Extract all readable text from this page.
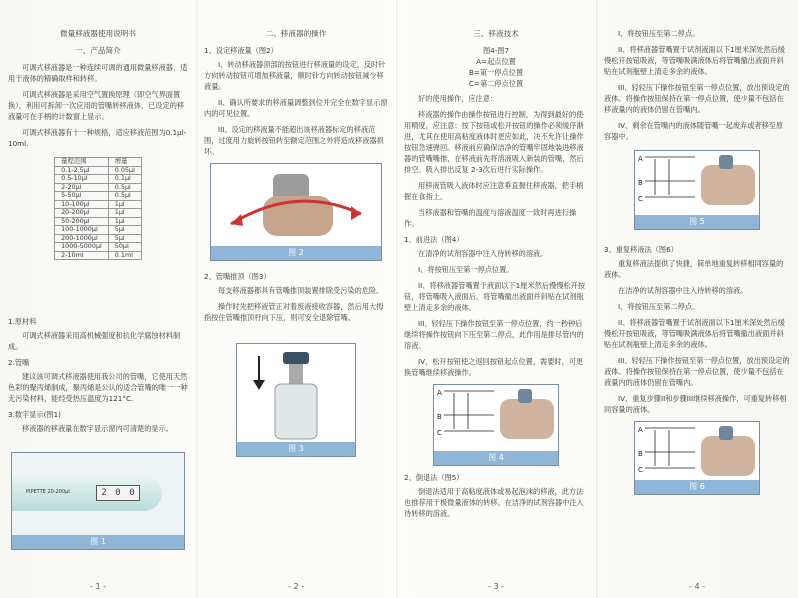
微量移液器使用说明书
一、产品简介

可调式移液器是一种连续可调的通用微量移液器，适用于液体的精确取样和转移。

可调式移液器是采用空气置换原理（即空气界面置换），利用可拆卸一次应用的管嘴转移液体，已设定的移液量可在手柄的计数窗上显示。

可调式移液器有十一种规格，适应移液范围为0.1μl-10ml.

量程范围	增量
0.1-2.5μl	0.05μl
0.5-10μl	0.1μl
2-20μl	0.5μl
5-50μl	0.5μl
10-100μl	1μl
20-200μl	1μl
50-200μl	1μl
100-1000μl	5μl
200-1000μl	5μl
1000-5000μl	50μl
2-10ml	0.1ml
1.原材料

可调式移液器采用高机械强度和抗化学腐蚀材料制成。

2.管嘴

建议该可调式移液器使用我公司的管嘴，它使用天然色彩的聚丙烯制成，聚丙烯是公认的适合管嘴的唯一一种无污染材料，能经受热压温度为121°C.

3.数字显示(图1)

移液器的移液量在数字显示窗内可清楚的显示。

PIPETTE 20-200μl	2 0 0
图 1
- 1 -
二、移液器的操作
1、设定移液量（图2）

I、转动移液器顶部的按钮进行移液量的设定。反时针方向转动按钮可增加移液量，顺时针方向转动按钮减少移液量。

II、确认所要求的移液量调整到位并完全在数字显示窗内的可见位置。

III、设定的移液量不能超出该移液器标定的移液范围，过度用力旋转按钮转至额定范围之外将造成移液器损坏。

图 2
2、管嘴推顶（图3）

每支移液器都具有管嘴推顶装置排除受污染的危险。

操作时先把移液管正对着废液接收容器，然后用大拇指按住管嘴推顶杆向下压，则可安全退除管嘴。

图 3
- 2 -
三、移液技术
图4-图7
A=起点位置
B=第一停点位置
C=第二停点位置

好的使用操作，应注意：

移液器的操作由操作按钮进行控制，为得到最好的使用精度，应注意：按下按钮或松开按钮的操作必须缓序渐进，尤其在使用高粘度液体时更应如此，决不允许让操作按钮急速弹回。移液前应确保洁净的管嘴牢固地装进移液器的管嘴嘴推，在移液前先将溶液吸入新装的管嘴，然后排空。吸入排出反复 2-3次后进行实际操作。

用移液管吸入液体时应注意垂直握住移液器，把手柄握在食指上。

当移液器和管嘴的温度与溶液温度一致时再进行操作。

1、前进法（图4）

在清净的试剂容器中注入待转移的溶液。

I、将按钮压至第一停点位置。

II、将移液器管嘴置于液面以下1厘米然后慢慢松开按钮，将管嘴吸入液面后，将管嘴撤出液面并斜贴在试剂瓶壁上清走多余的液体。

III、轻轻压下操作按钮至第一停点位置，约一秒钟后继续将操作按钮向下压至第二停点，此作用是排尽管内的溶液。

IV、松开按钮使之返回按钮起点位置，需要时，可更换管嘴继续移液操作。

A
B
C
图 4
2、倒退法（图5）

倒退法适用于高粘度液体或易起泡沫的移液，此方法也推荐用于极微量液体的转移。在洁净的试剂容器中注入待转移的溶液。

- 3 -

I、将按钮压至第二停点。

II、将移液器管嘴置于试剂液面以下1厘米深处然后缓慢松开按钮吸液，等管嘴吸满液体后将管嘴撤出液面并斜贴在试剂瓶壁上清走多余的液体。

III、轻轻压下操作按钮至第一停点位置，放出预设定的液体。将操作按钮保持在第一停点位置，使少量不包括在移液量内的液体仍留在管嘴内。

IV、剩余在管嘴内的液体随管嘴一起废弃或者移至原容器中。

A
B
C
图 5
3、重复移液法（图6）

重复移液法提供了快捷，简单地重复转移相同容量的液体。

在洁净的试剂容器中注入待转移的溶液。

I、将按钮压至第二停点。

II、将移液器管嘴置于试剂液面以下1厘米深处然后缓慢松开按钮吸液，等管嘴吸满液体后将管嘴撤出液面并斜贴在试剂瓶壁上清走多余的液体。

III、轻轻压下操作按钮至第一停点位置，放出预设定的液体。将操作按钮保持在第一停点位置，使少量不包括在液量内的液体仍留在管嘴内。

IV、重复步骤II和步骤III继续移液操作，可重复转移相同容量的液体。

A
B
C
图 6
- 4 -
